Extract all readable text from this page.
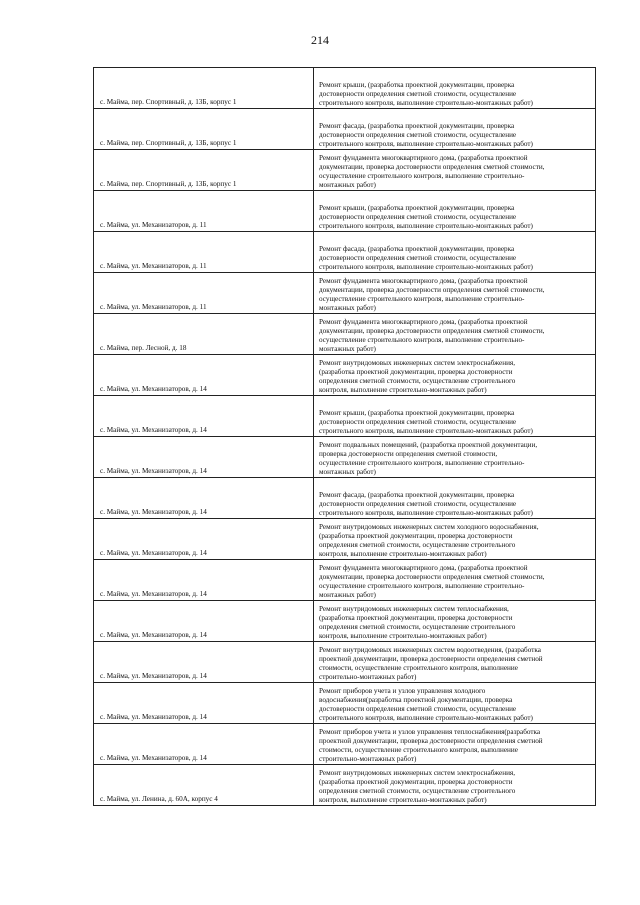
214
с. Майма, пер. Спортивный, д. 13Б, корпус 1	Ремонт крыши, (разработка проектной документации, проверка
достоверности определения сметной стоимости, осуществление
строительного контроля, выполнение строительно-монтажных работ)

с. Майма, пер. Спортивный, д. 13Б, корпус 1	Ремонт фасада, (разработка проектной документации, проверка
достоверности определения сметной стоимости, осуществление
строительного контроля, выполнение строительно-монтажных работ)

с. Майма, пер. Спортивный, д. 13Б, корпус 1	Ремонт фундамента многоквартирного дома, (разработка проектной
документации, проверка достоверности определения сметной стоимости,
осуществление строительного контроля, выполнение строительно-
монтажных работ)

с. Майма, ул. Механизаторов, д. 11	Ремонт крыши, (разработка проектной документации, проверка
достоверности определения сметной стоимости, осуществление
строительного контроля, выполнение строительно-монтажных работ)

с. Майма, ул. Механизаторов, д. 11	Ремонт фасада, (разработка проектной документации, проверка
достоверности определения сметной стоимости, осуществление
строительного контроля, выполнение строительно-монтажных работ)

с. Майма, ул. Механизаторов, д. 11	Ремонт фундамента многоквартирного дома, (разработка проектной
документации, проверка достоверности определения сметной стоимости,
осуществление строительного контроля, выполнение строительно-
монтажных работ)

с. Майма, пер. Лесной, д. 18	Ремонт фундамента многоквартирного дома, (разработка проектной
документации, проверка достоверности определения сметной стоимости,
осуществление строительного контроля, выполнение строительно-
монтажных работ)

с. Майма, ул. Механизаторов, д. 14	Ремонт внутридомовых инженерных систем электроснабжения,
(разработка проектной документации, проверка достоверности
определения сметной стоимости, осуществление строительного
контроля, выполнение строительно-монтажных работ)

с. Майма, ул. Механизаторов, д. 14	Ремонт крыши, (разработка проектной документации, проверка
достоверности определения сметной стоимости, осуществление
строительного контроля, выполнение строительно-монтажных работ)

с. Майма, ул. Механизаторов, д. 14	Ремонт подвальных помещений, (разработка проектной документации,
проверка достоверности определения сметной стоимости,
осуществление строительного контроля, выполнение строительно-
монтажных работ)

с. Майма, ул. Механизаторов, д. 14	Ремонт фасада, (разработка проектной документации, проверка
достоверности определения сметной стоимости, осуществление
строительного контроля, выполнение строительно-монтажных работ)

с. Майма, ул. Механизаторов, д. 14	Ремонт внутридомовых инженерных систем холодного водоснабжения,
(разработка проектной документации, проверка достоверности
определения сметной стоимости, осуществление строительного
контроля, выполнение строительно-монтажных работ)

с. Майма, ул. Механизаторов, д. 14	Ремонт фундамента многоквартирного дома, (разработка проектной
документации, проверка достоверности определения сметной стоимости,
осуществление строительного контроля, выполнение строительно-
монтажных работ)

с. Майма, ул. Механизаторов, д. 14	Ремонт внутридомовых инженерных систем теплоснабжения,
(разработка проектной документации, проверка достоверности
определения сметной стоимости, осуществление строительного
контроля, выполнение строительно-монтажных работ)

с. Майма, ул. Механизаторов, д. 14	Ремонт внутридомовых инженерных систем водоотведения, (разработка
проектной документации, проверка достоверности определения сметной
стоимости, осуществление строительного контроля, выполнение
строительно-монтажных работ)

с. Майма, ул. Механизаторов, д. 14	Ремонт приборов учета и узлов управления холодного
водоснабжения(разработка проектной документации, проверка
достоверности определения сметной стоимости, осуществление
строительного контроля, выполнение строительно-монтажных работ)

с. Майма, ул. Механизаторов, д. 14	Ремонт приборов учета и узлов управления теплоснабжения(разработка
проектной документации, проверка достоверности определения сметной
стоимости, осуществление строительного контроля, выполнение
строительно-монтажных работ)

с. Майма, ул. Ленина, д. 60А, корпус 4	Ремонт внутридомовых инженерных систем электроснабжения,
(разработка проектной документации, проверка достоверности
определения сметной стоимости, осуществление строительного
контроля, выполнение строительно-монтажных работ)
